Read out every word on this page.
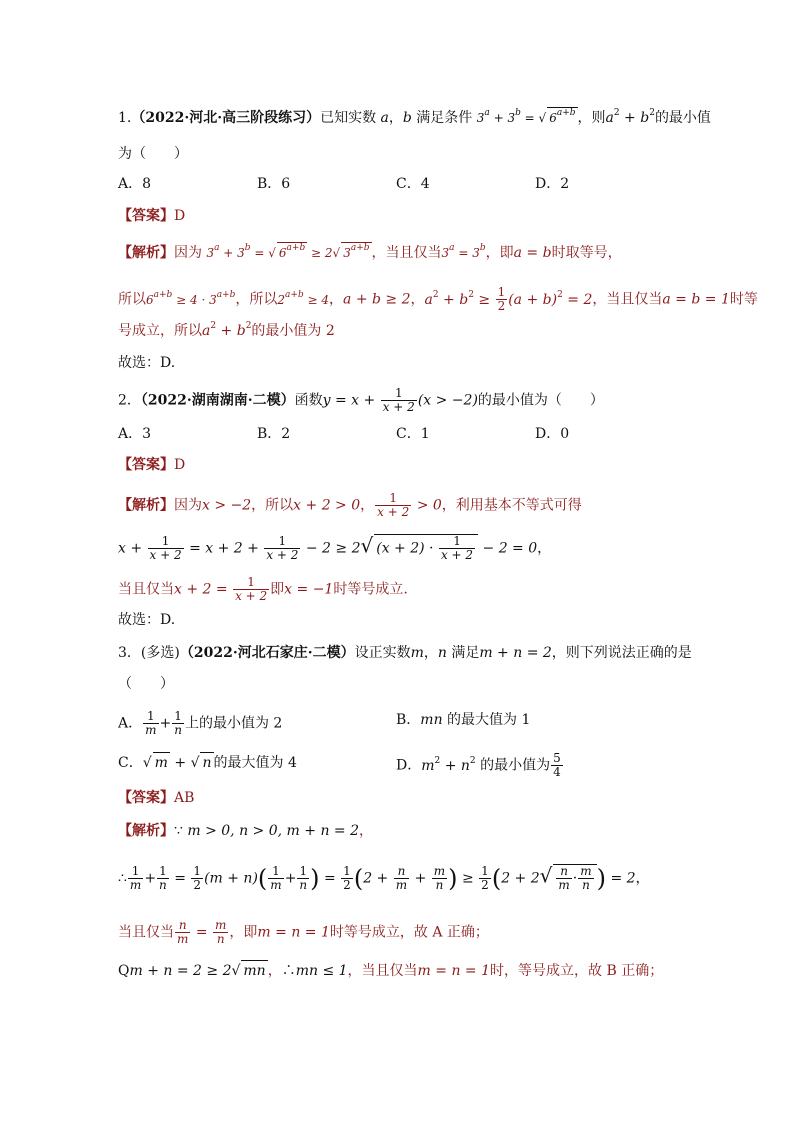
1.（2022·河北·高三阶段练习）已知实数 a，b 满足条件 $3^a + 3^b$ = √ $6^{a+b}$ ，则$a^2 + b^2$的最小值
为（　　）
A．8	B．6	C．4	D．2
【答案】D
【解析】因为 $3^a + 3^b$ = √ $6^{a+b} \ge 2√$ $3^{a+b}$ ，当且仅当$3^a = 3^b$，即a = b时取等号，
所以$6^{a+b} \ge 4 \cdot 3^{a+b}$，所以$2^{a+b} \ge 4$，a + b ≥ 2，$a^2 + b^2 \ge \frac{1}{2} (a + b)^2 = 2$，当且仅当a = b = 1时等
号成立，所以$a^2 + b^2$的最小值为 2
故选：D.
2．（2022·湖南湖南·二模）函数$y = x + \frac{1}{x + 2} (x > -2)$的最小值为（　　）
A．3	B．2	C．1	D．0
【答案】D
【解析】因为x > −2，所以x + 2 > 0， $\frac{1}{x + 2} > 0$，利用基本不等式可得
$x + \frac{1}{x + 2} = x + 2 + \frac{1}{x + 2} - 2 \ge 2√$ $(x + 2) \cdot \frac{1}{x + 2} - 2 = 0$，
当且仅当$x + 2 = \frac{1}{x + 2}$ 即x = −1时等号成立.
故选：D.
3．(多选)（2022·河北石家庄·二模）设正实数m，n 满足m + n = 2，则下列说法正确的是
（　　）
A． $\frac{1}{m} + \frac{1}{n}$ 上的最小值为 2	B．mn 的最大值为 1
C．√ m + √ n 的最大值为 4	D．$m^2 + n^2$ 的最小值为 $\frac{5}{4}$
【答案】AB
【解析】∵ m > 0, n > 0, m + n = 2，
∴ $\frac{1}{m} + \frac{1}{n} = \frac{1}{2} (m + n)( \frac{1}{m} + \frac{1}{n}$ ) = $\frac{1}{2} (2 + \frac{n}{m} + \frac{m}{n}$ ) ≥ $\frac{1}{2} (2 + 2√ \frac{n}{m} \cdot \frac{m}{n}$ ) = 2，
当且仅当 $\frac{n}{m} = \frac{m}{n}$ ，即m = n = 1时等号成立，故 A 正确；
Qm + n = 2 ≥ 2√ mn ，∴mn ≤ 1，当且仅当m = n = 1时，等号成立，故 B 正确；
